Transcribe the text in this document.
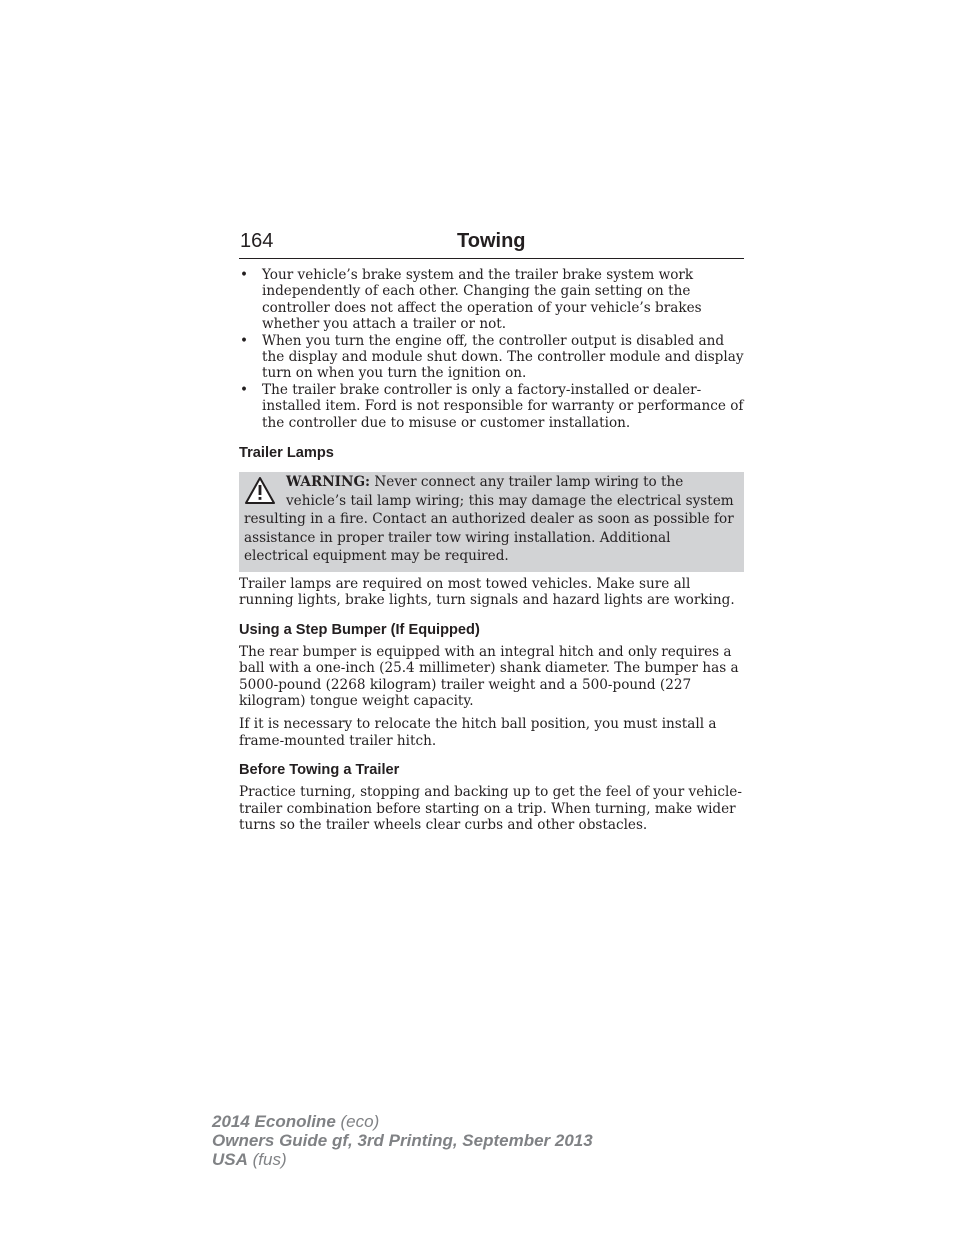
164	Towing
• Your vehicle’s brake system and the trailer brake system work independently of each other. Changing the gain setting on the controller does not affect the operation of your vehicle’s brakes whether you attach a trailer or not.
• When you turn the engine off, the controller output is disabled and the display and module shut down. The controller module and display turn on when you turn the ignition on.
• The trailer brake controller is only a factory-installed or dealer-installed item. Ford is not responsible for warranty or performance of the controller due to misuse or customer installation.
Trailer Lamps
WARNING: Never connect any trailer lamp wiring to the vehicle’s tail lamp wiring; this may damage the electrical system resulting in a fire. Contact an authorized dealer as soon as possible for assistance in proper trailer tow wiring installation. Additional electrical equipment may be required.

Trailer lamps are required on most towed vehicles. Make sure all running lights, brake lights, turn signals and hazard lights are working.

Using a Step Bumper (If Equipped)

The rear bumper is equipped with an integral hitch and only requires a ball with a one-inch (25.4 millimeter) shank diameter. The bumper has a 5000-pound (2268 kilogram) trailer weight and a 500-pound (227 kilogram) tongue weight capacity.

If it is necessary to relocate the hitch ball position, you must install a frame-mounted trailer hitch.

Before Towing a Trailer

Practice turning, stopping and backing up to get the feel of your vehicle-trailer combination before starting on a trip. When turning, make wider turns so the trailer wheels clear curbs and other obstacles.

2014 Econoline (eco)
Owners Guide gf, 3rd Printing, September 2013
USA (fus)
